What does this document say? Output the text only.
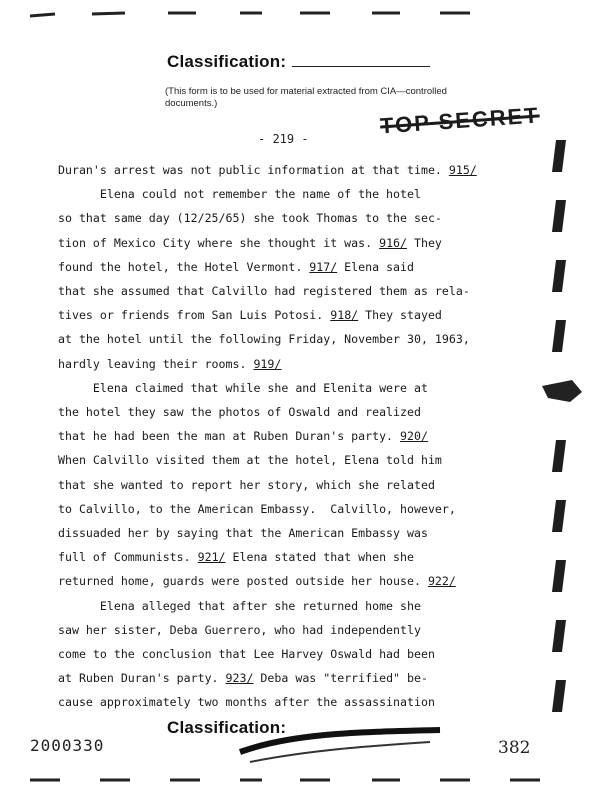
Classification:
(This form is to be used for material extracted from CIA—controlled documents.)
- 219 -
TOP SECRET
Duran's arrest was not public information at that time. 915/
Elena could not remember the name of the hotel
so that same day (12/25/65) she took Thomas to the sec-
tion of Mexico City where she thought it was. 916/ They
found the hotel, the Hotel Vermont. 917/ Elena said
that she assumed that Calvillo had registered them as rela-
tives or friends from San Luis Potosi. 918/ They stayed
at the hotel until the following Friday, November 30, 1963,
hardly leaving their rooms. 919/
Elena claimed that while she and Elenita were at
the hotel they saw the photos of Oswald and realized
that he had been the man at Ruben Duran's party. 920/
When Calvillo visited them at the hotel, Elena told him
that she wanted to report her story, which she related
to Calvillo, to the American Embassy.  Calvillo, however,
dissuaded her by saying that the American Embassy was
full of Communists. 921/ Elena stated that when she
returned home, guards were posted outside her house. 922/
Elena alleged that after she returned home she
saw her sister, Deba Guerrero, who had independently
come to the conclusion that Lee Harvey Oswald had been
at Ruben Duran's party. 923/ Deba was "terrified" be-
cause approximately two months after the assassination
Classification:
2000330	382
